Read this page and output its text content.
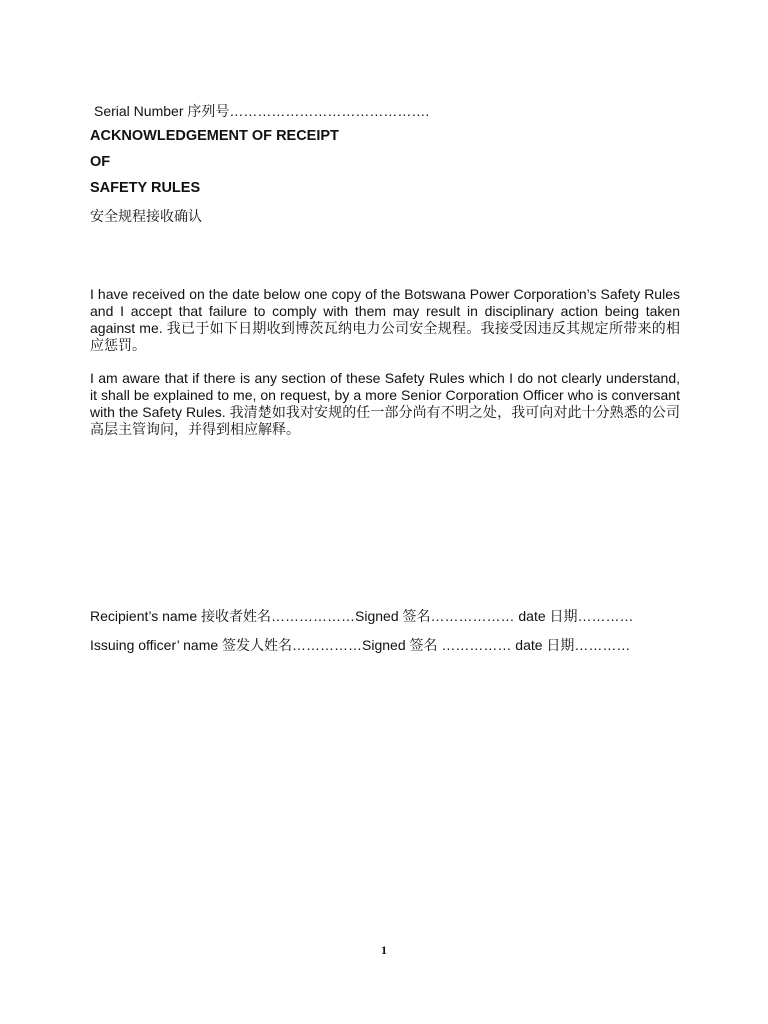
Serial Number 序列号…………………………………….
ACKNOWLEDGEMENT OF RECEIPT
OF
SAFETY RULES
安全规程接收确认
I have received on the date below one copy of the Botswana Power Corporation’s Safety Rules and I accept that failure to comply with them may result in disciplinary action being taken against me. 我已于如下日期收到博茨瓦纳电力公司安全规程。我接受因违反其规定所带来的相应惩罚。
I am aware that if there is any section of these Safety Rules which I do not clearly understand, it shall be explained to me, on request, by a more Senior Corporation Officer who is conversant with the Safety Rules. 我清楚如我对安规的任一部分尚有不明之处，我可向对此十分熟悉的公司高层主管询问，并得到相应解释。
Recipient’s name 接收者姓名………………Signed 签名……………… date 日期…………
Issuing officer’ name 签发人姓名……………Signed 签名 …………… date 日期…………
1
